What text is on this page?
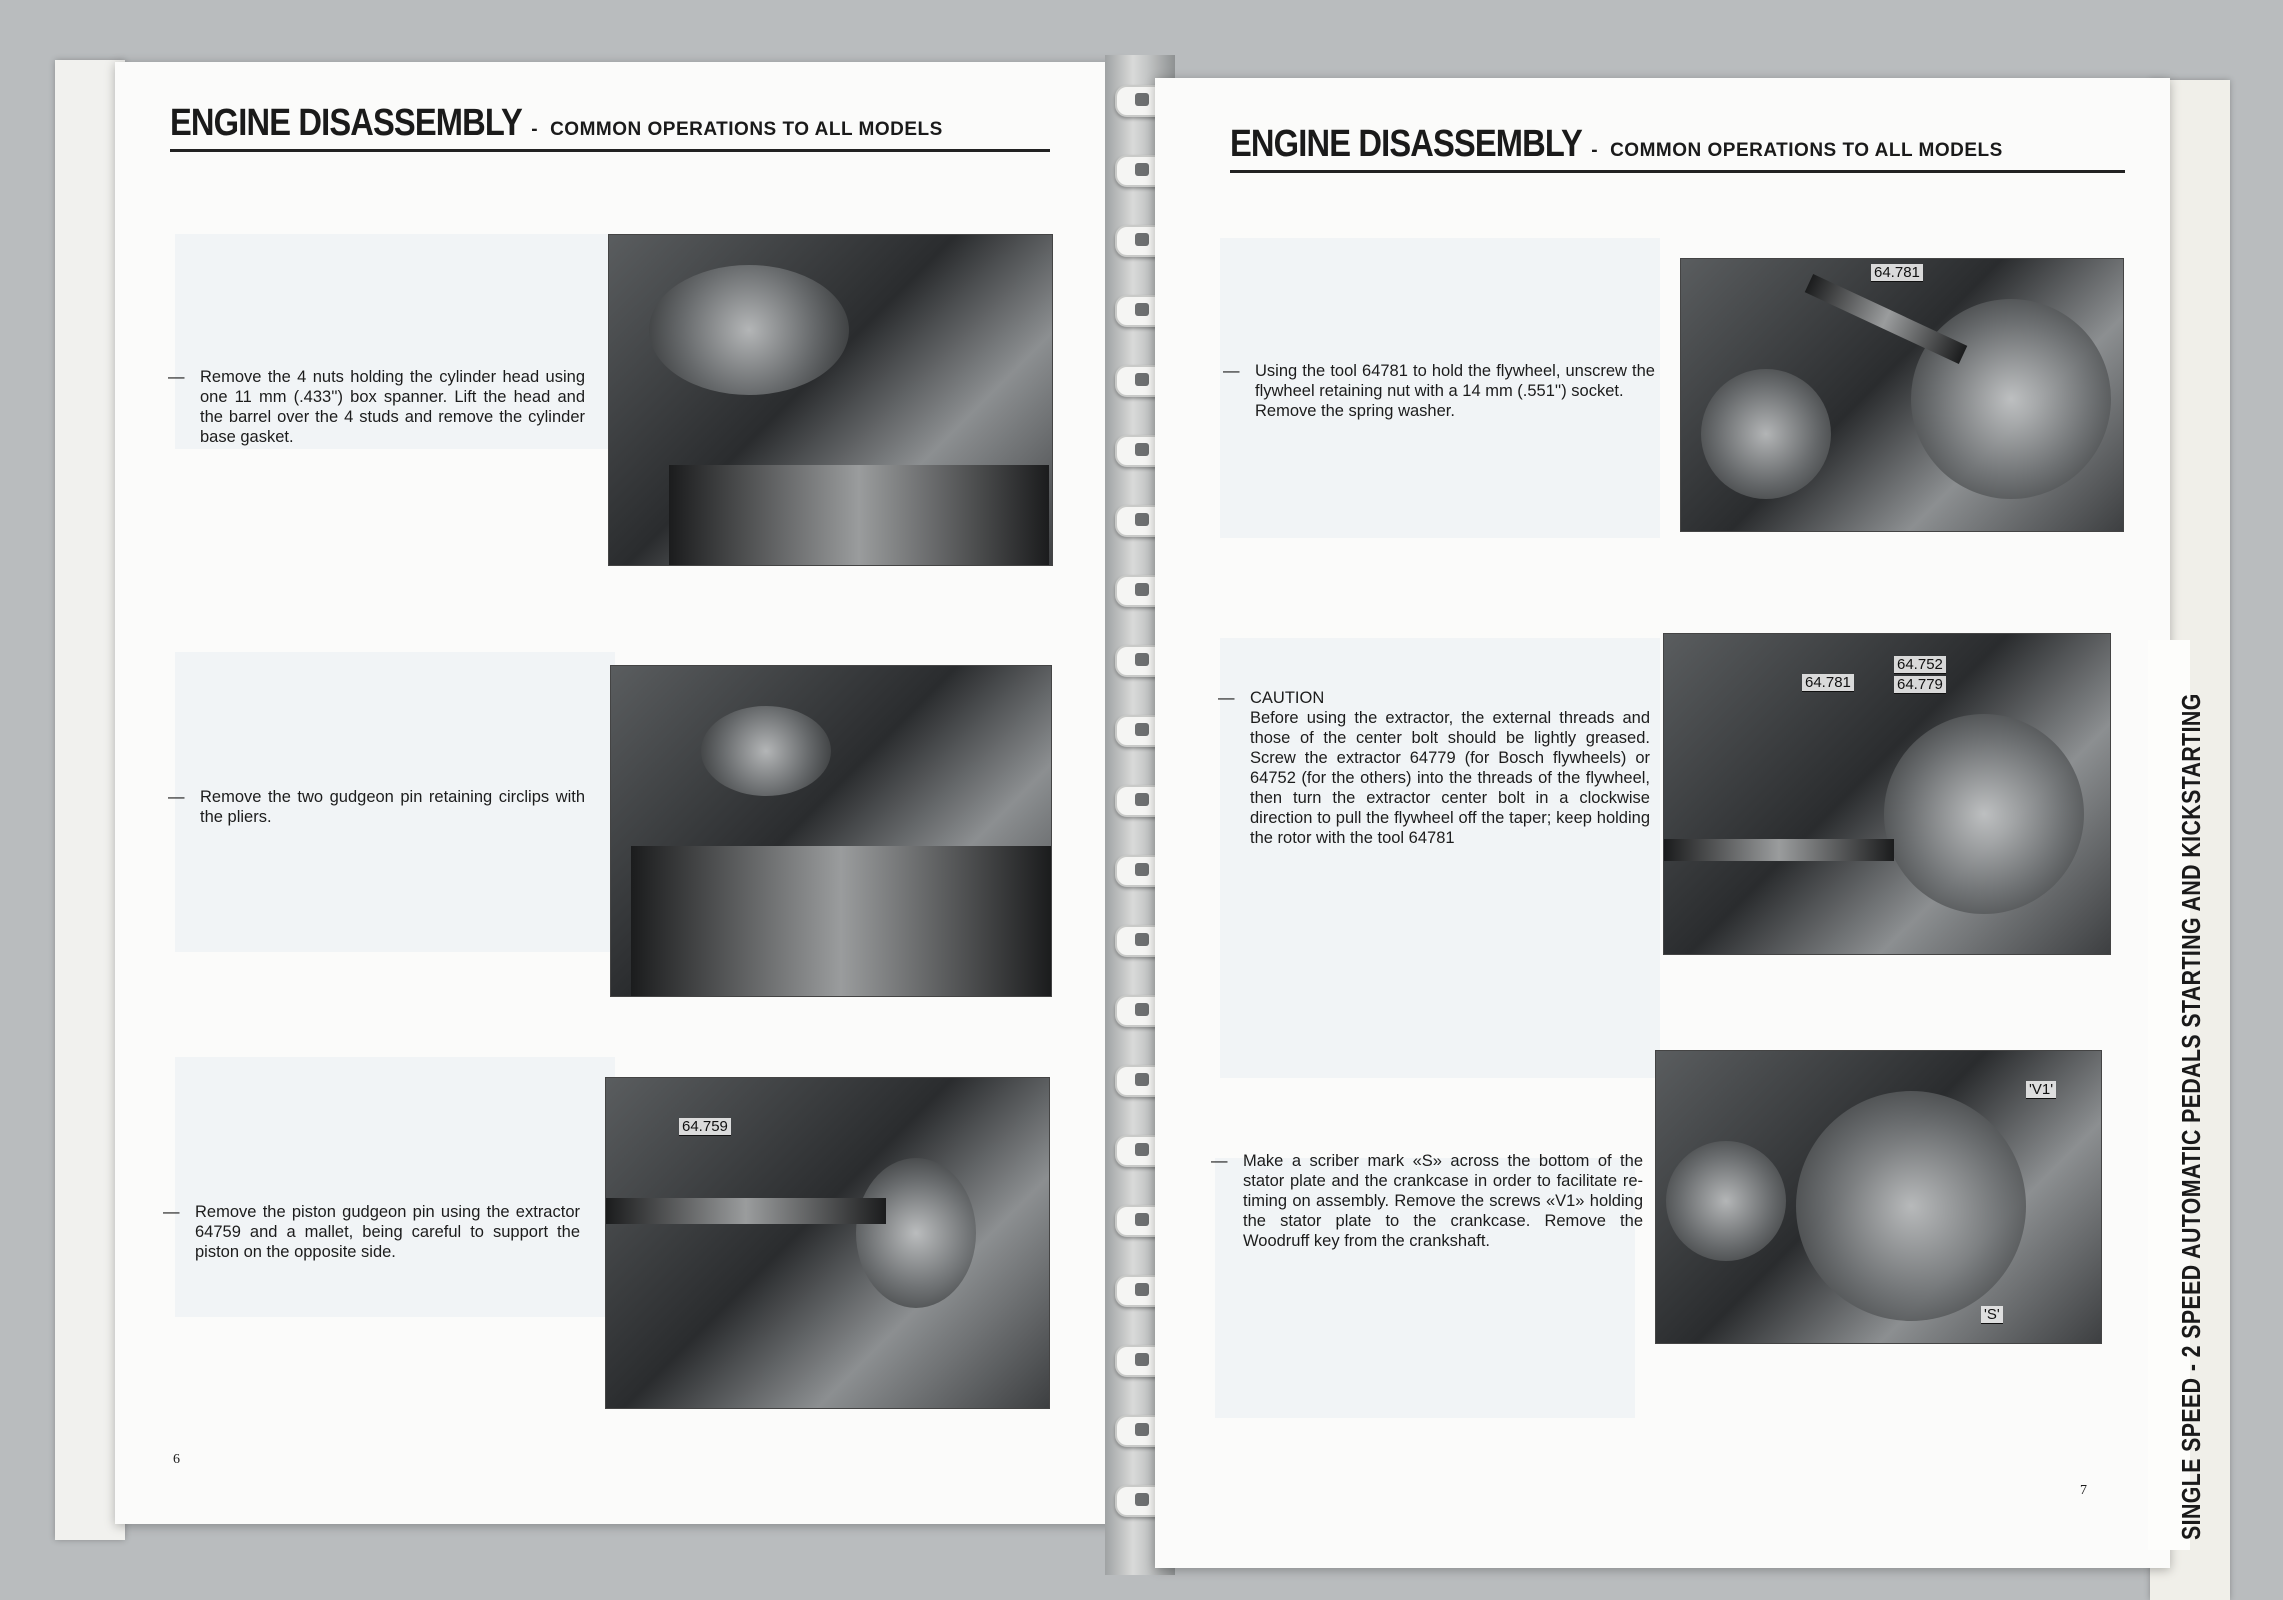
ENGINE DISASSEMBLY - COMMON OPERATIONS TO ALL MODELS
— Remove the 4 nuts holding the cylinder head using one 11 mm (.433'') box spanner. Lift the head and the barrel over the 4 studs and remove the cylinder base gasket.
— Remove the two gudgeon pin retaining circlips with the pliers.
— Remove the piston gudgeon pin using the extractor 64759 and a mallet, being careful to support the piston on the opposite side.
64.759
6
ENGINE DISASSEMBLY - COMMON OPERATIONS TO ALL MODELS
— Using the tool 64781 to hold the flywheel, unscrew the flywheel retaining nut with a 14 mm (.551'') socket.
Remove the spring washer.
64.781
— CAUTION
Before using the extractor, the external threads and those of the center bolt should be lightly greased. Screw the extractor 64779 (for Bosch flywheels) or 64752 (for the others) into the threads of the flywheel, then turn the extractor center bolt in a clockwise direction to pull the flywheel off the taper; keep holding the rotor with the tool 64781
64.781
64.752
64.779
— Make a scriber mark «S» across the bottom of the stator plate and the crankcase in order to facilitate re-timing on assembly. Remove the screws «V1» holding the stator plate to the crankcase. Remove the Woodruff key from the crankshaft.
'V1'
'S'
7	SINGLE SPEED - 2 SPEED AUTOMATIC PEDALS STARTING AND KICKSTARTING
